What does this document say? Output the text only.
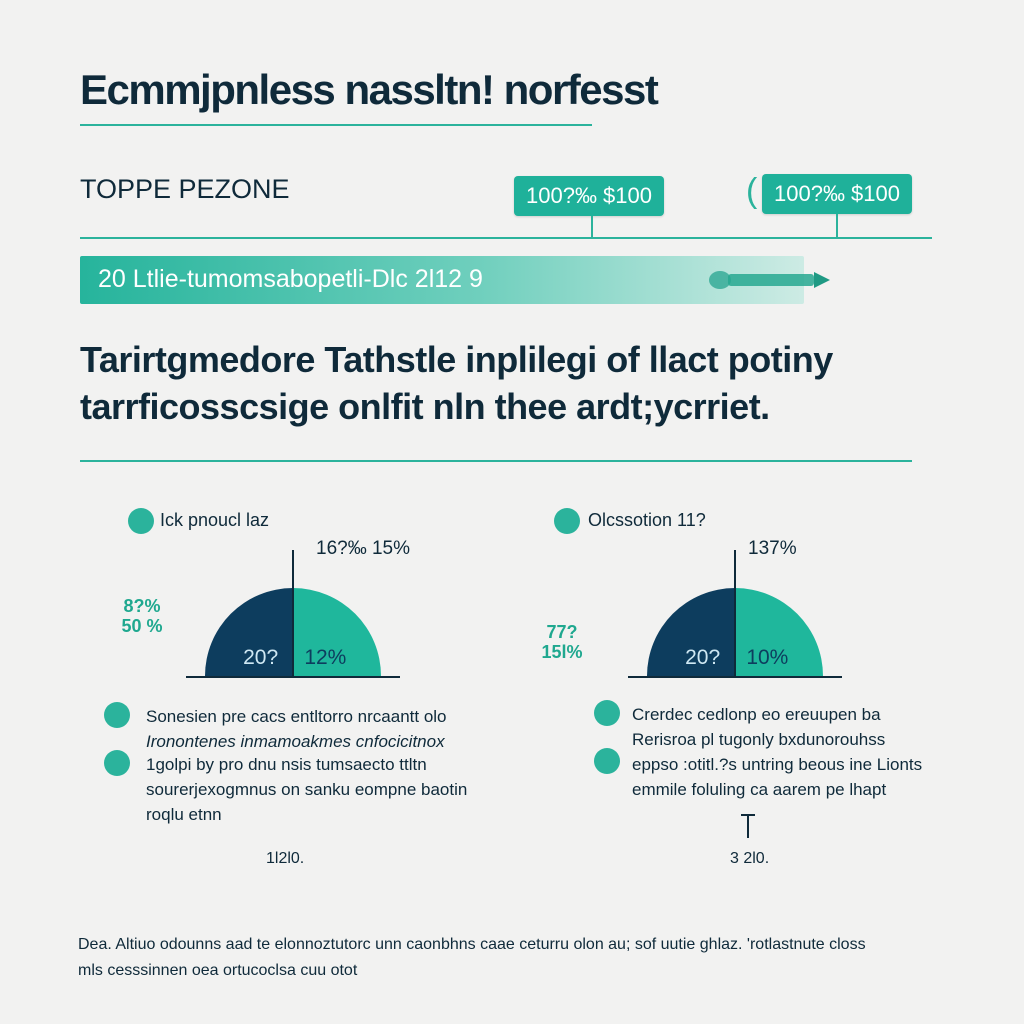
Ecmmjpnless nassltn! norfesst
TOPPE PEZONE	100?‰ $100	( 100?‰ $100
20 Ltlie-tumomsabopetli-Dlc 2l12 9
Tarirtgmedore Tathstle inplilegi of llact potiny
tarrficosscsige onlfit nln thee ardt;ycrriet.
Ick pnoucl laz
16?‰ 15%
8?%
50 %
20? 12%
Sonesien pre cacs entltorro nrcaantt olo
Ironontenes inmamoakmes cnfocicitnox
1golpi by pro dnu nsis tumsaecto ttltn
sourerjexogmnus on sanku eompne baotin
roqlu etnn
1l2l0.
Olcssotion 11?
137%
77?
15l%	20? 10%
Crerdec cedlonp eo ereuupen ba
Rerisroa pl tugonly bxdunorouhss
eppso :otitl.?s untring beous ine Lionts
emmile foluling ca aarem pe lhapt
3 2l0.
Dea. Altiuo odounns aad te elonnoztutorc unn caonbhns caae ceturru olon au; sof uutie ghlaz. 'rotlastnute closs
mls cesssinnen oea ortucoclsa cuu otot
